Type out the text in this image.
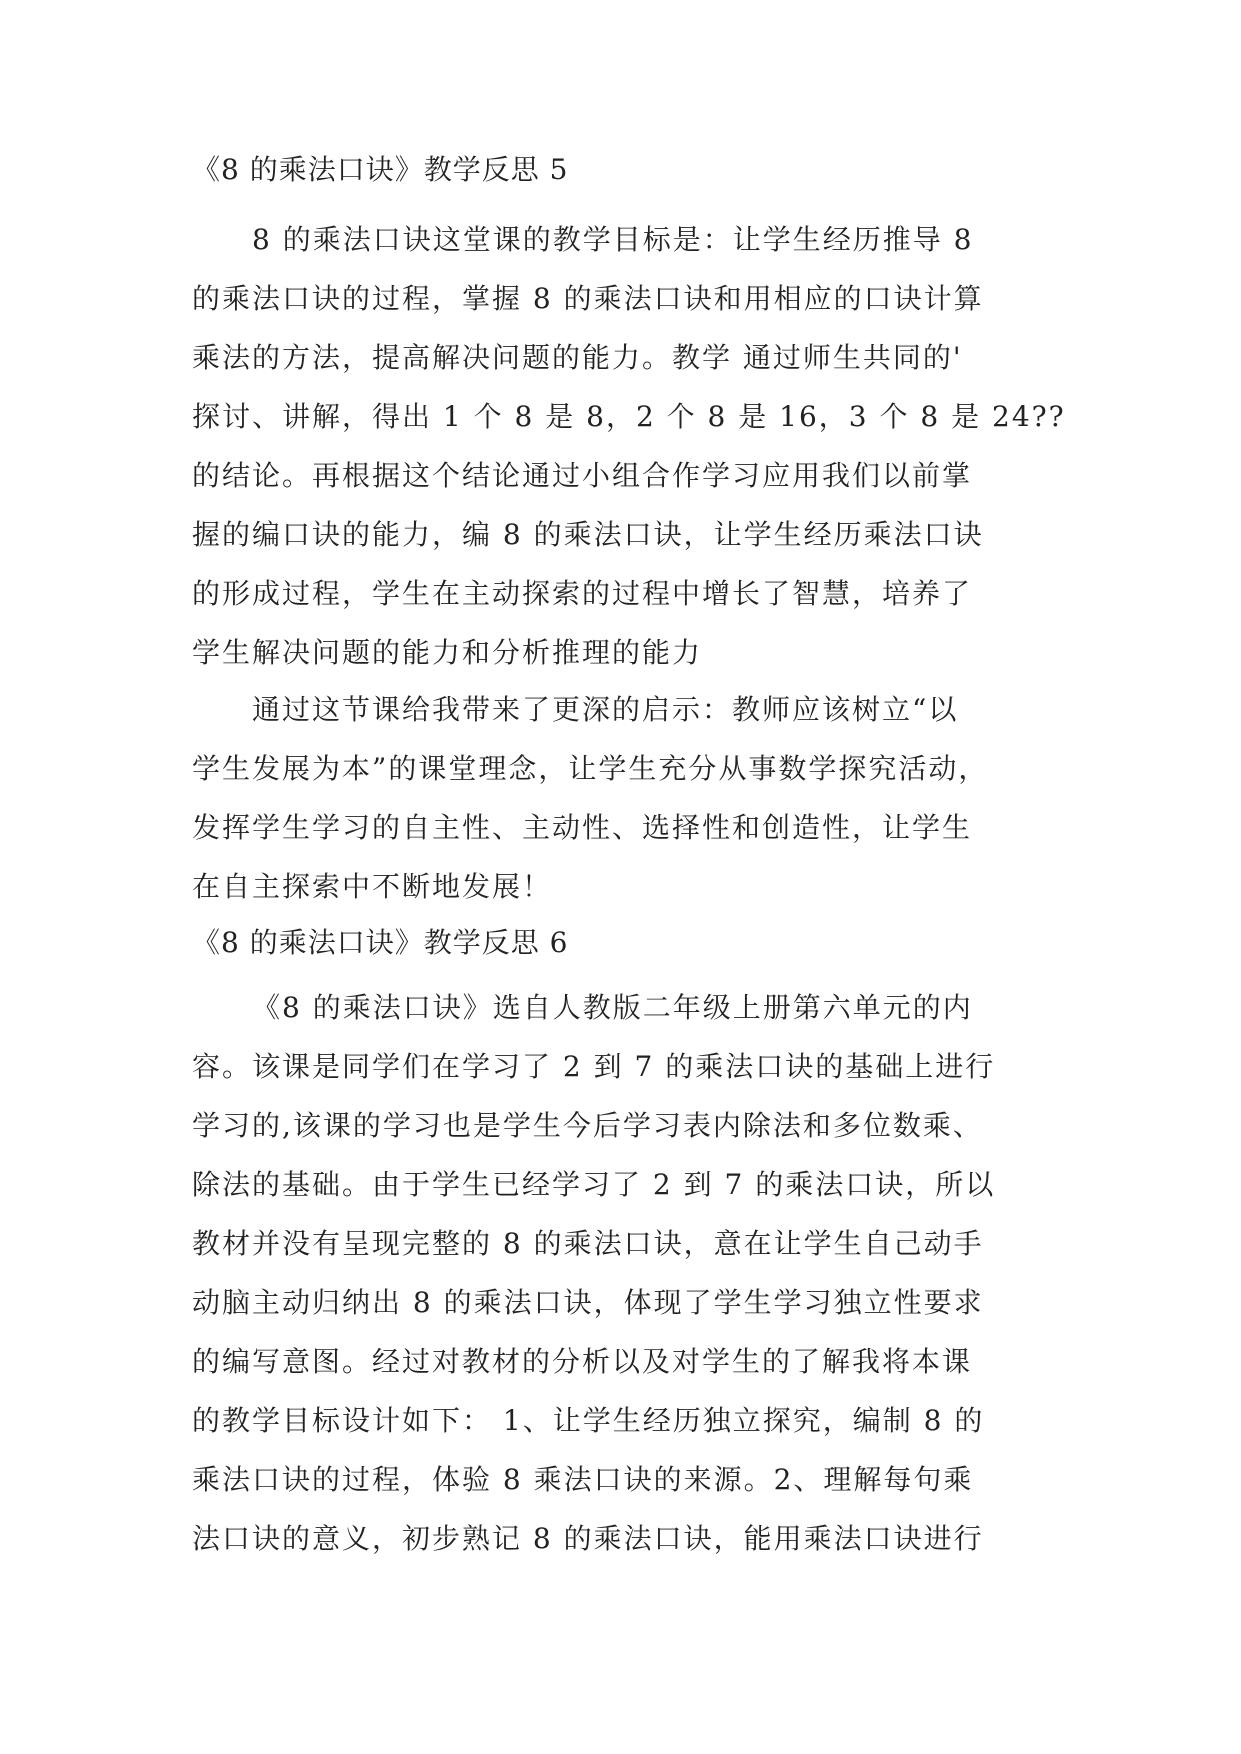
《8 的乘法口诀》教学反思 5
8 的乘法口诀这堂课的教学目标是：让学生经历推导 8
的乘法口诀的过程，掌握 8 的乘法口诀和用相应的口诀计算
乘法的方法，提高解决问题的能力。教学 通过师生共同的'
探讨、讲解，得出 1 个 8 是 8，2 个 8 是 16，3 个 8 是 24??
的结论。再根据这个结论通过小组合作学习应用我们以前掌
握的编口诀的能力，编 8 的乘法口诀，让学生经历乘法口诀
的形成过程，学生在主动探索的过程中增长了智慧，培养了
学生解决问题的能力和分析推理的能力
通过这节课给我带来了更深的启示：教师应该树立“以
学生发展为本”的课堂理念，让学生充分从事数学探究活动，
发挥学生学习的自主性、主动性、选择性和创造性，让学生
在自主探索中不断地发展！
《8 的乘法口诀》教学反思 6
《8 的乘法口诀》选自人教版二年级上册第六单元的内
容。该课是同学们在学习了 2 到 7 的乘法口诀的基础上进行
学习的,该课的学习也是学生今后学习表内除法和多位数乘、
除法的基础。由于学生已经学习了 2 到 7 的乘法口诀，所以
教材并没有呈现完整的 8 的乘法口诀，意在让学生自己动手
动脑主动归纳出 8 的乘法口诀，体现了学生学习独立性要求
的编写意图。经过对教材的分析以及对学生的了解我将本课
的教学目标设计如下： 1、让学生经历独立探究，编制 8 的
乘法口诀的过程，体验 8 乘法口诀的来源。2、理解每句乘
法口诀的意义，初步熟记 8 的乘法口诀，能用乘法口诀进行
